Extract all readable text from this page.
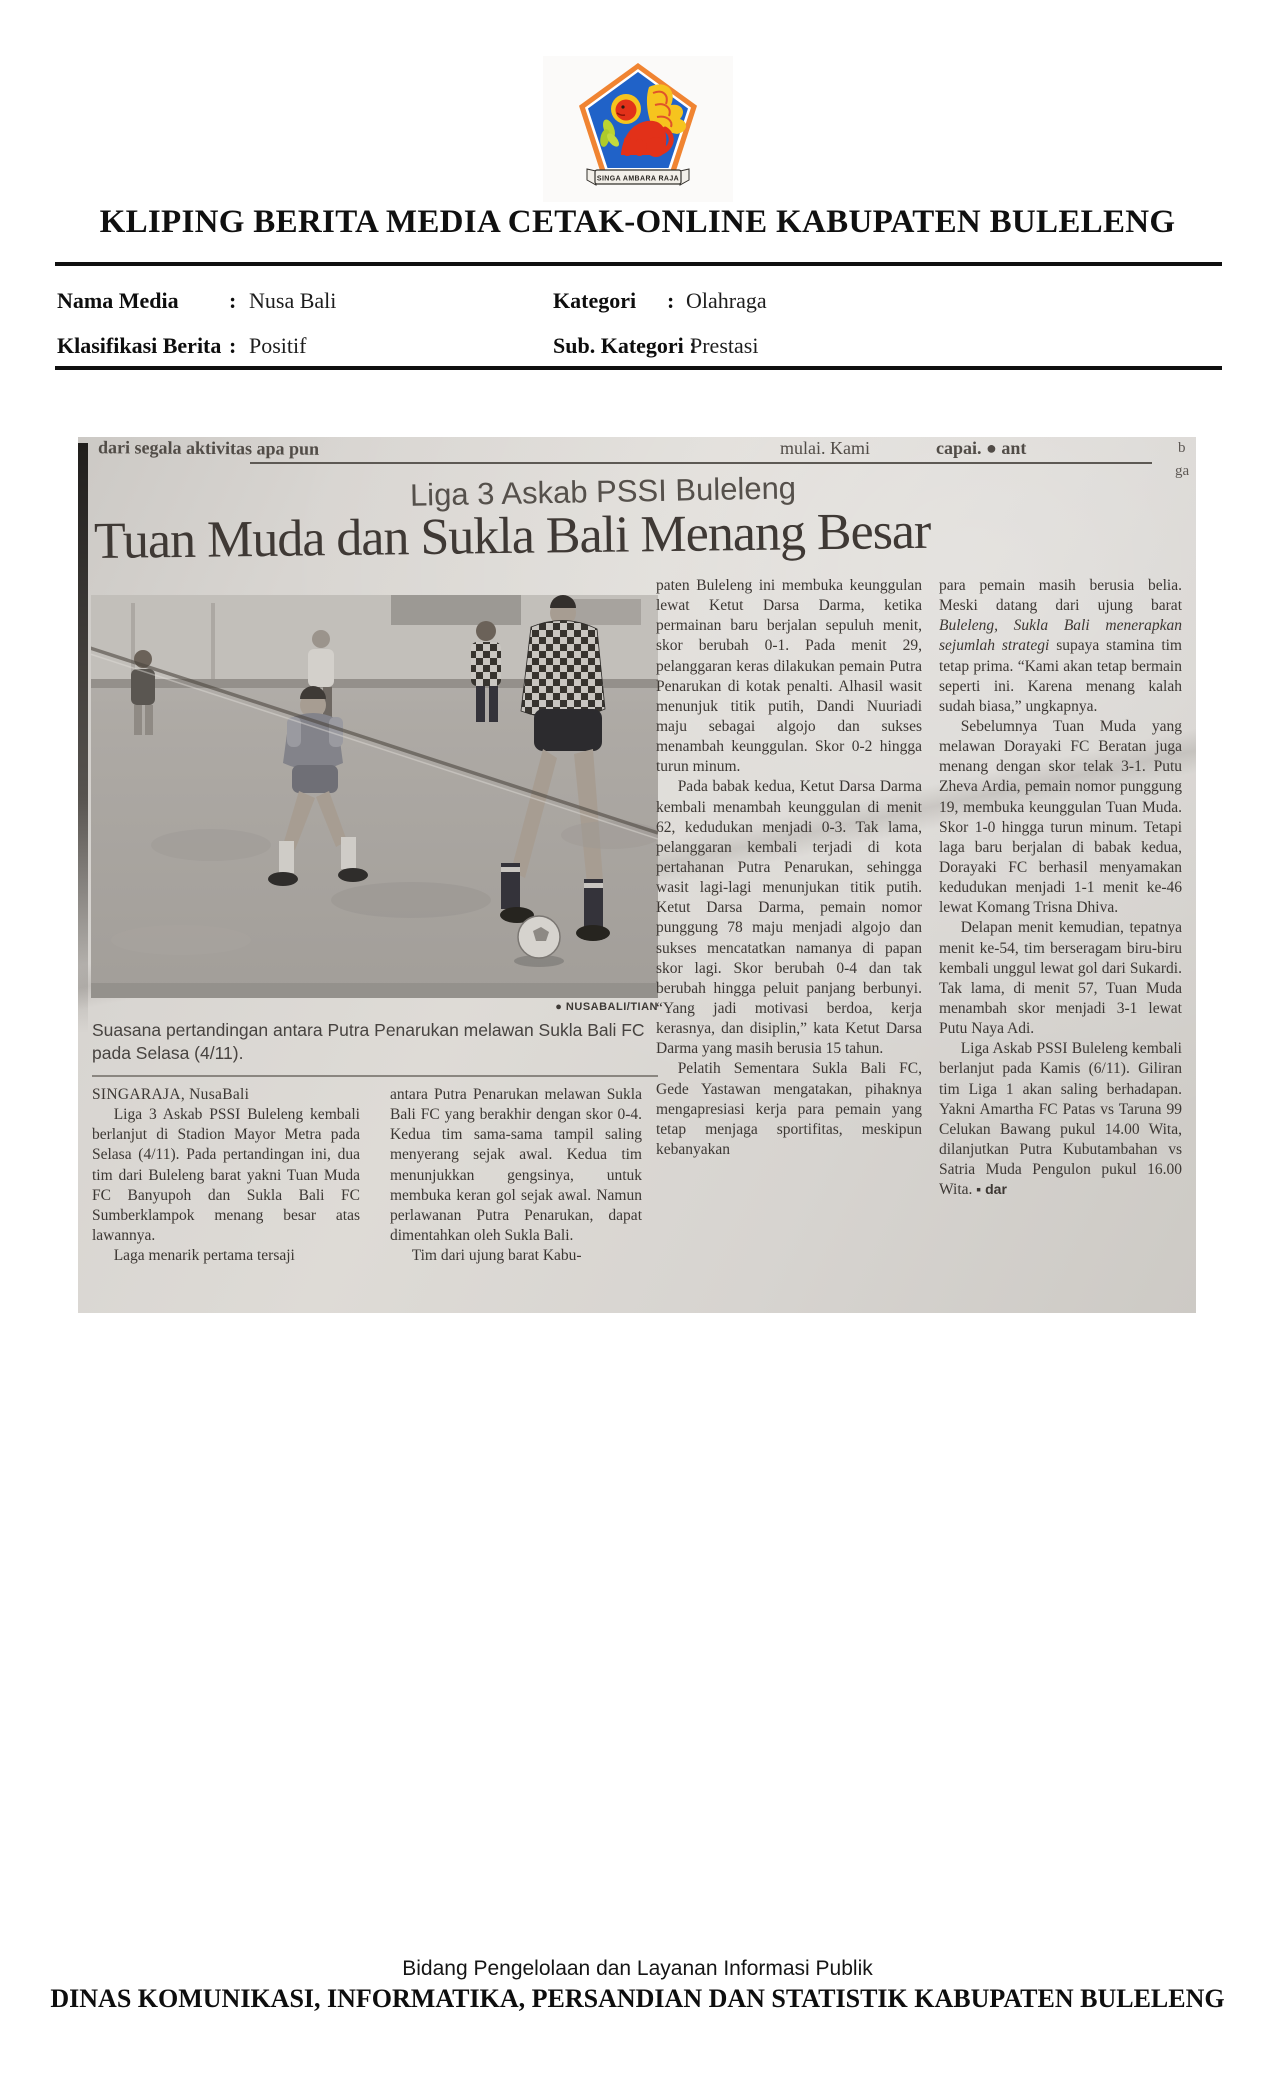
SINGA AMBARA RAJA
KLIPING BERITA MEDIA CETAK-ONLINE KABUPATEN BULELENG
Nama Media : Nusa Bali	Kategori : Olahraga
Klasifikasi Berita : Positif	Sub. Kategori :
Prestasi
dari segala aktivitas apa pun	mulai. Kami	capai. ● ant	b
ga
Liga 3 Askab PSSI Buleleng
Tuan Muda dan Sukla Bali Menang Besar
● NUSABALI/TIAN
Suasana pertandingan antara Putra Penarukan melawan Sukla Bali FC pada Selasa (4/11).

SINGARAJA, NusaBali

Liga 3 Askab PSSI Buleleng kembali berlanjut di Stadion Mayor Metra pada Selasa (4/11). Pada pertandingan ini, dua tim dari Buleleng barat yakni Tuan Muda FC Banyupoh dan Sukla Bali FC Sumberklampok menang besar atas lawannya.

Laga menarik pertama tersaji

antara Putra Penarukan melawan Sukla Bali FC yang berakhir dengan skor 0-4. Kedua tim sama-sama tampil saling menyerang sejak awal. Kedua tim menunjukkan gengsinya, untuk membuka keran gol sejak awal. Namun perlawanan Putra Penarukan, dapat dimentahkan oleh Sukla Bali.

Tim dari ujung barat Kabu-

paten Buleleng ini membuka keunggulan lewat Ketut Darsa Darma, ketika permainan baru berjalan sepuluh menit, skor berubah 0-1. Pada menit 29, pelanggaran keras dilakukan pemain Putra Penarukan di kotak penalti. Alhasil wasit menunjuk titik putih, Dandi Nuuriadi maju sebagai algojo dan sukses menambah keunggulan. Skor 0-2 hingga turun minum.

Pada babak kedua, Ketut Darsa Darma kembali menambah keunggulan di menit 62, kedudukan menjadi 0-3. Tak lama, pelanggaran kembali terjadi di kota pertahanan Putra Penarukan, sehingga wasit lagi-lagi menunjukan titik putih. Ketut Darsa Darma, pemain nomor punggung 78 maju menjadi algojo dan sukses mencatatkan namanya di papan skor lagi. Skor berubah 0-4 dan tak berubah hingga peluit panjang berbunyi. “Yang jadi motivasi berdoa, kerja kerasnya, dan disiplin,” kata Ketut Darsa Darma yang masih berusia 15 tahun.

Pelatih Sementara Sukla Bali FC, Gede Yastawan mengatakan, pihaknya mengapresiasi kerja para pemain yang tetap menjaga sportifitas, meskipun kebanyakan

para pemain masih berusia belia. Meski datang dari ujung barat Buleleng, Sukla Bali menerapkan sejumlah strategi supaya stamina tim tetap prima. “Kami akan tetap bermain seperti ini. Karena menang kalah sudah biasa,” ungkapnya.

Sebelumnya Tuan Muda yang melawan Dorayaki FC Beratan juga menang dengan skor telak 3-1. Putu Zheva Ardia, pemain nomor punggung 19, membuka keunggulan Tuan Muda. Skor 1-0 hingga turun minum. Tetapi laga baru berjalan di babak kedua, Dorayaki FC berhasil menyamakan kedudukan menjadi 1-1 menit ke-46 lewat Komang Trisna Dhiva.

Delapan menit kemudian, tepatnya menit ke-54, tim berseragam biru-biru kembali unggul lewat gol dari Sukardi. Tak lama, di menit 57, Tuan Muda menambah skor menjadi 3-1 lewat Putu Naya Adi.

Liga Askab PSSI Buleleng kembali berlanjut pada Kamis (6/11). Giliran tim Liga 1 akan saling berhadapan. Yakni Amartha FC Patas vs Taruna 99 Celukan Bawang pukul 14.00 Wita, dilanjutkan Putra Kubutambahan vs Satria Muda Pengulon pukul 16.00 Wita. ▪ dar

Bidang Pengelolaan dan Layanan Informasi Publik
DINAS KOMUNIKASI, INFORMATIKA, PERSANDIAN DAN STATISTIK KABUPATEN BULELENG
